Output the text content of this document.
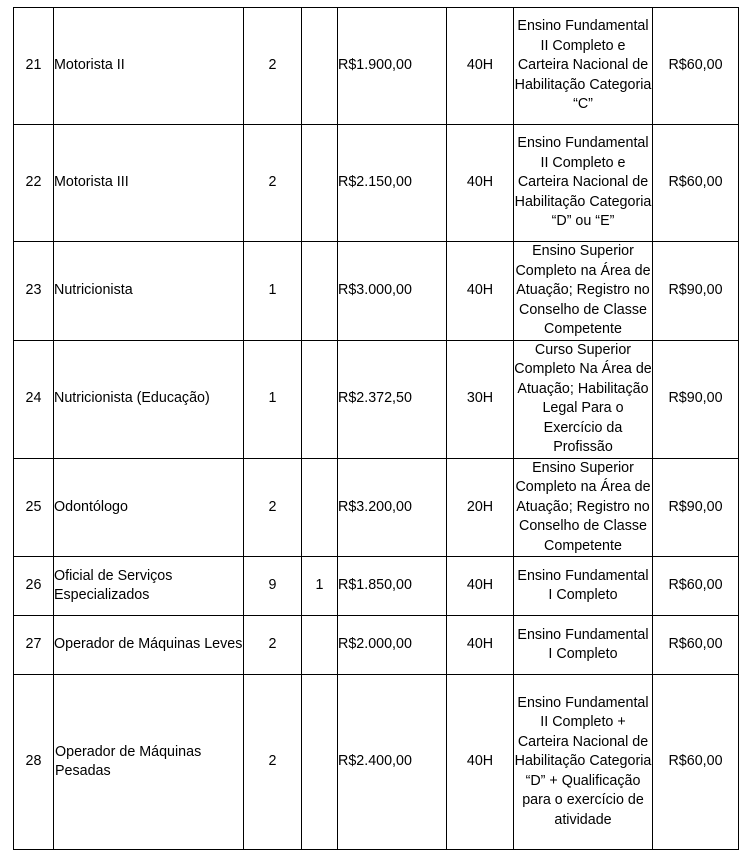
21	Motorista II	2		R$1.900,00	40H	Ensino Fundamental II Completo e Carteira Nacional de Habilitação Categoria “C”	R$60,00
22	Motorista III	2		R$2.150,00	40H	Ensino Fundamental II Completo e Carteira Nacional de Habilitação Categoria “D” ou “E”	R$60,00
23	Nutricionista	1		R$3.000,00	40H	Ensino Superior Completo na Área de Atuação; Registro no Conselho de Classe Competente	R$90,00
24	Nutricionista (Educação)	1		R$2.372,50	30H	Curso Superior Completo Na Área de Atuação; Habilitação Legal Para o Exercício da Profissão	R$90,00
25	Odontólogo	2		R$3.200,00	20H	Ensino Superior Completo na Área de Atuação; Registro no Conselho de Classe Competente	R$90,00
26	Oficial de Serviços Especializados	9	1	R$1.850,00	40H	Ensino Fundamental I Completo	R$60,00
27	Operador de Máquinas Leves	2		R$2.000,00	40H	Ensino Fundamental I Completo	R$60,00
28	Operador de Máquinas Pesadas	2		R$2.400,00	40H	Ensino Fundamental II Completo + Carteira Nacional de Habilitação Categoria “D” + Qualificação para o exercício de atividade	R$60,00
